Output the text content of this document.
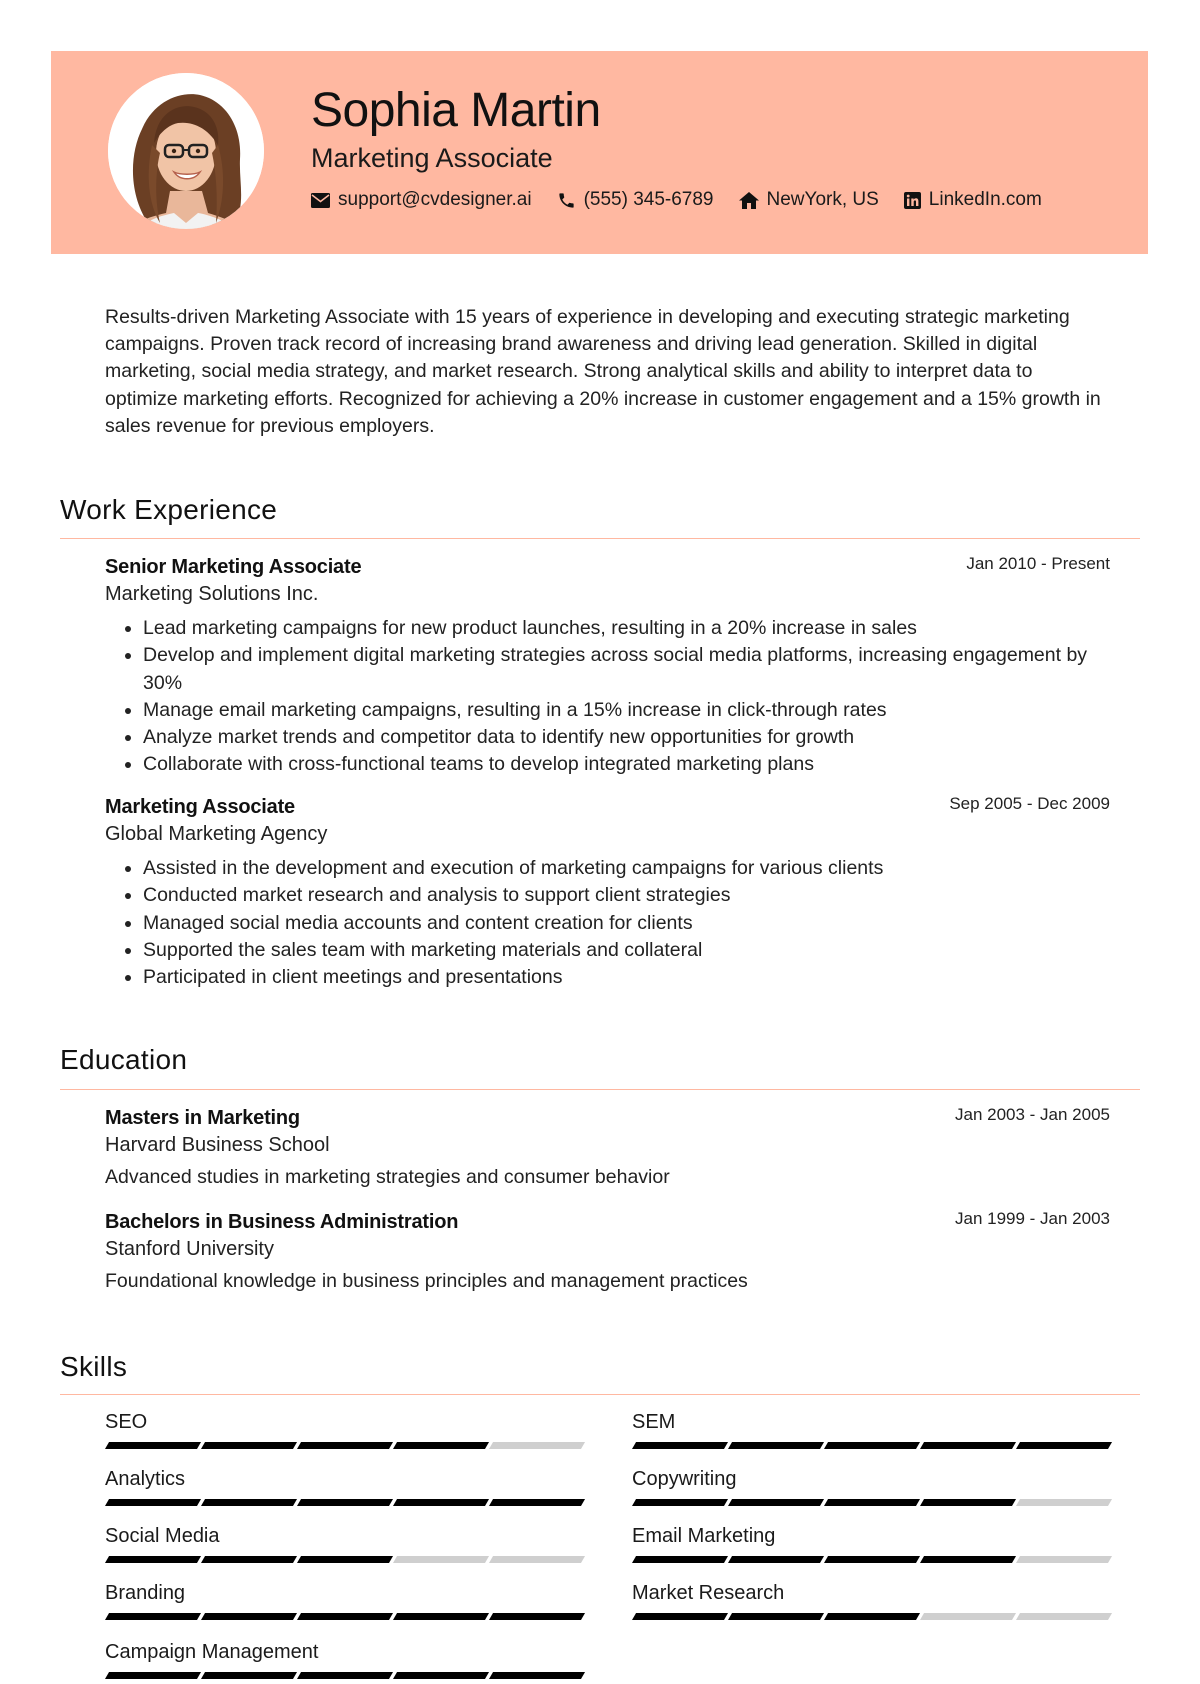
Sophia Martin
Marketing Associate
support@cvdesigner.ai	(555) 345-6789	NewYork, US	LinkedIn.com

Results-driven Marketing Associate with 15 years of experience in developing and executing strategic marketing campaigns. Proven track record of increasing brand awareness and driving lead generation. Skilled in digital marketing, social media strategy, and market research. Strong analytical skills and ability to interpret data to optimize marketing efforts. Recognized for achieving a 20% increase in customer engagement and a 15% growth in sales revenue for previous employers.

Work Experience
Senior Marketing Associate	Jan 2010 - Present
Marketing Solutions Inc.
• Lead marketing campaigns for new product launches, resulting in a 20% increase in sales
• Develop and implement digital marketing strategies across social media platforms, increasing engagement by 30%
• Manage email marketing campaigns, resulting in a 15% increase in click-through rates
• Analyze market trends and competitor data to identify new opportunities for growth
• Collaborate with cross-functional teams to develop integrated marketing plans
Marketing Associate	Sep 2005 - Dec 2009
Global Marketing Agency
• Assisted in the development and execution of marketing campaigns for various clients
• Conducted market research and analysis to support client strategies
• Managed social media accounts and content creation for clients
• Supported the sales team with marketing materials and collateral
• Participated in client meetings and presentations
Education
Masters in Marketing	Jan 2003 - Jan 2005
Harvard Business School
Advanced studies in marketing strategies and consumer behavior
Bachelors in Business Administration	Jan 1999 - Jan 2003
Stanford University
Foundational knowledge in business principles and management practices
Skills
SEO	SEM
Analytics	Copywriting
Social Media	Email Marketing
Branding	Market Research
Campaign Management
